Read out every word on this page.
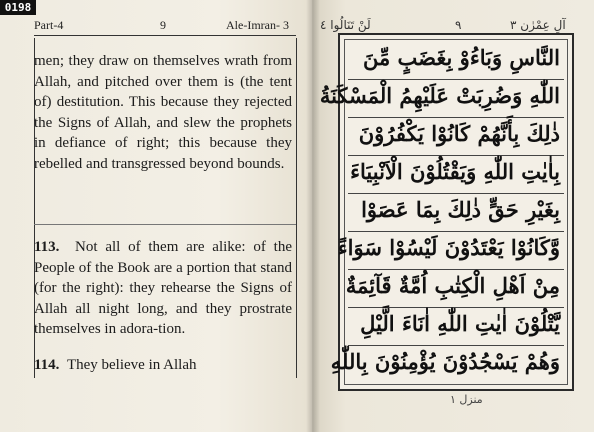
0198
Part-4	9	Ale-Imran- 3
men; they draw on themselves wrath from Allah, and pitched over them is (the tent of) destitution. This because they rejected the Signs of Allah, and slew the prophets in defiance of right; this because they rebelled and transgressed beyond bounds.
113. Not all of them are alike: of the People of the Book are a portion that stand (for the right): they rehearse the Signs of Allah all night long, and they prostrate themselves in adora-tion.
114. They believe in Allah
لَنْ تَنَالُوا ٤	٩	آلِ عِمْرٰن ٣
النَّاسِ وَبَاءُوْ بِغَضَبٍ مِّنَ
اللّٰهِ وَضُرِبَتْ عَلَيْهِمُ الْمَسْكَنَةُ
ذٰلِكَ بِأَنَّهُمْ كَانُوْا يَكْفُرُوْنَ
بِاٰيٰتِ اللّٰهِ وَيَقْتُلُوْنَ الْاَنْبِيَاءَ
بِغَيْرِ حَقٍّ ذٰلِكَ بِمَا عَصَوْا
وَّكَانُوْا يَعْتَدُوْنَ لَيْسُوْا سَوَاءً
مِنْ اَهْلِ الْكِتٰبِ اُمَّةٌ قَآئِمَةٌ
يَّتْلُوْنَ اٰيٰتِ اللّٰهِ اٰنَاءَ الَّيْلِ
وَهُمْ يَسْجُدُوْنَ يُؤْمِنُوْنَ بِاللّٰهِ
منزل ١
